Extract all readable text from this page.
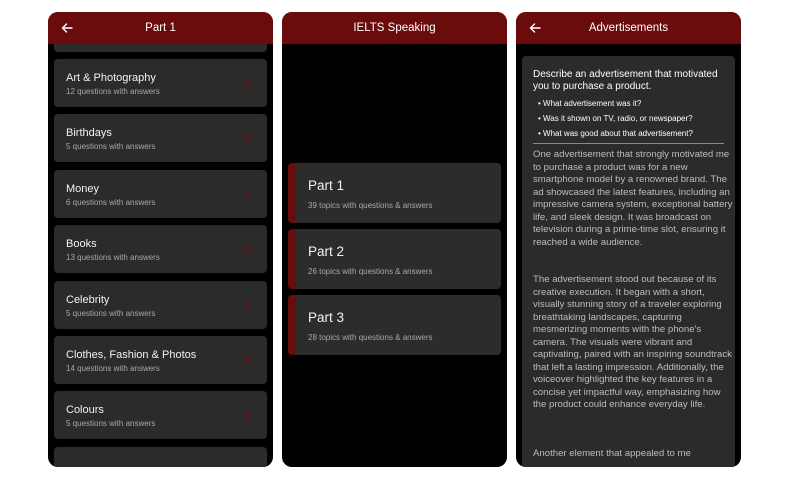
Part 1
Art & Photography
12 questions with answers
Birthdays
5 questions with answers
Money
6 questions with answers
Books
13 questions with answers
Celebrity
5 questions with answers
Clothes, Fashion & Photos
14 questions with answers
Colours
5 questions with answers
IELTS Speaking
Part 1
39 topics with questions & answers
Part 2
26 topics with questions & answers
Part 3
28 topics with questions & answers
Advertisements
Describe an advertisement that motivated you to purchase a product.
• What advertisement was it?
• Was it shown on TV, radio, or newspaper?
• What was good about that advertisement?
One advertisement that strongly motivated me to purchase a product was for a new smartphone model by a renowned brand. The ad showcased the latest features, including an impressive camera system, exceptional battery life, and sleek design. It was broadcast on television during a prime-time slot, ensuring it reached a wide audience.
The advertisement stood out because of its creative execution. It began with a short, visually stunning story of a traveler exploring breathtaking landscapes, capturing mesmerizing moments with the phone's camera. The visuals were vibrant and captivating, paired with an inspiring soundtrack that left a lasting impression. Additionally, the voiceover highlighted the key features in a concise yet impactful way, emphasizing how the product could enhance everyday life.
Another element that appealed to me
